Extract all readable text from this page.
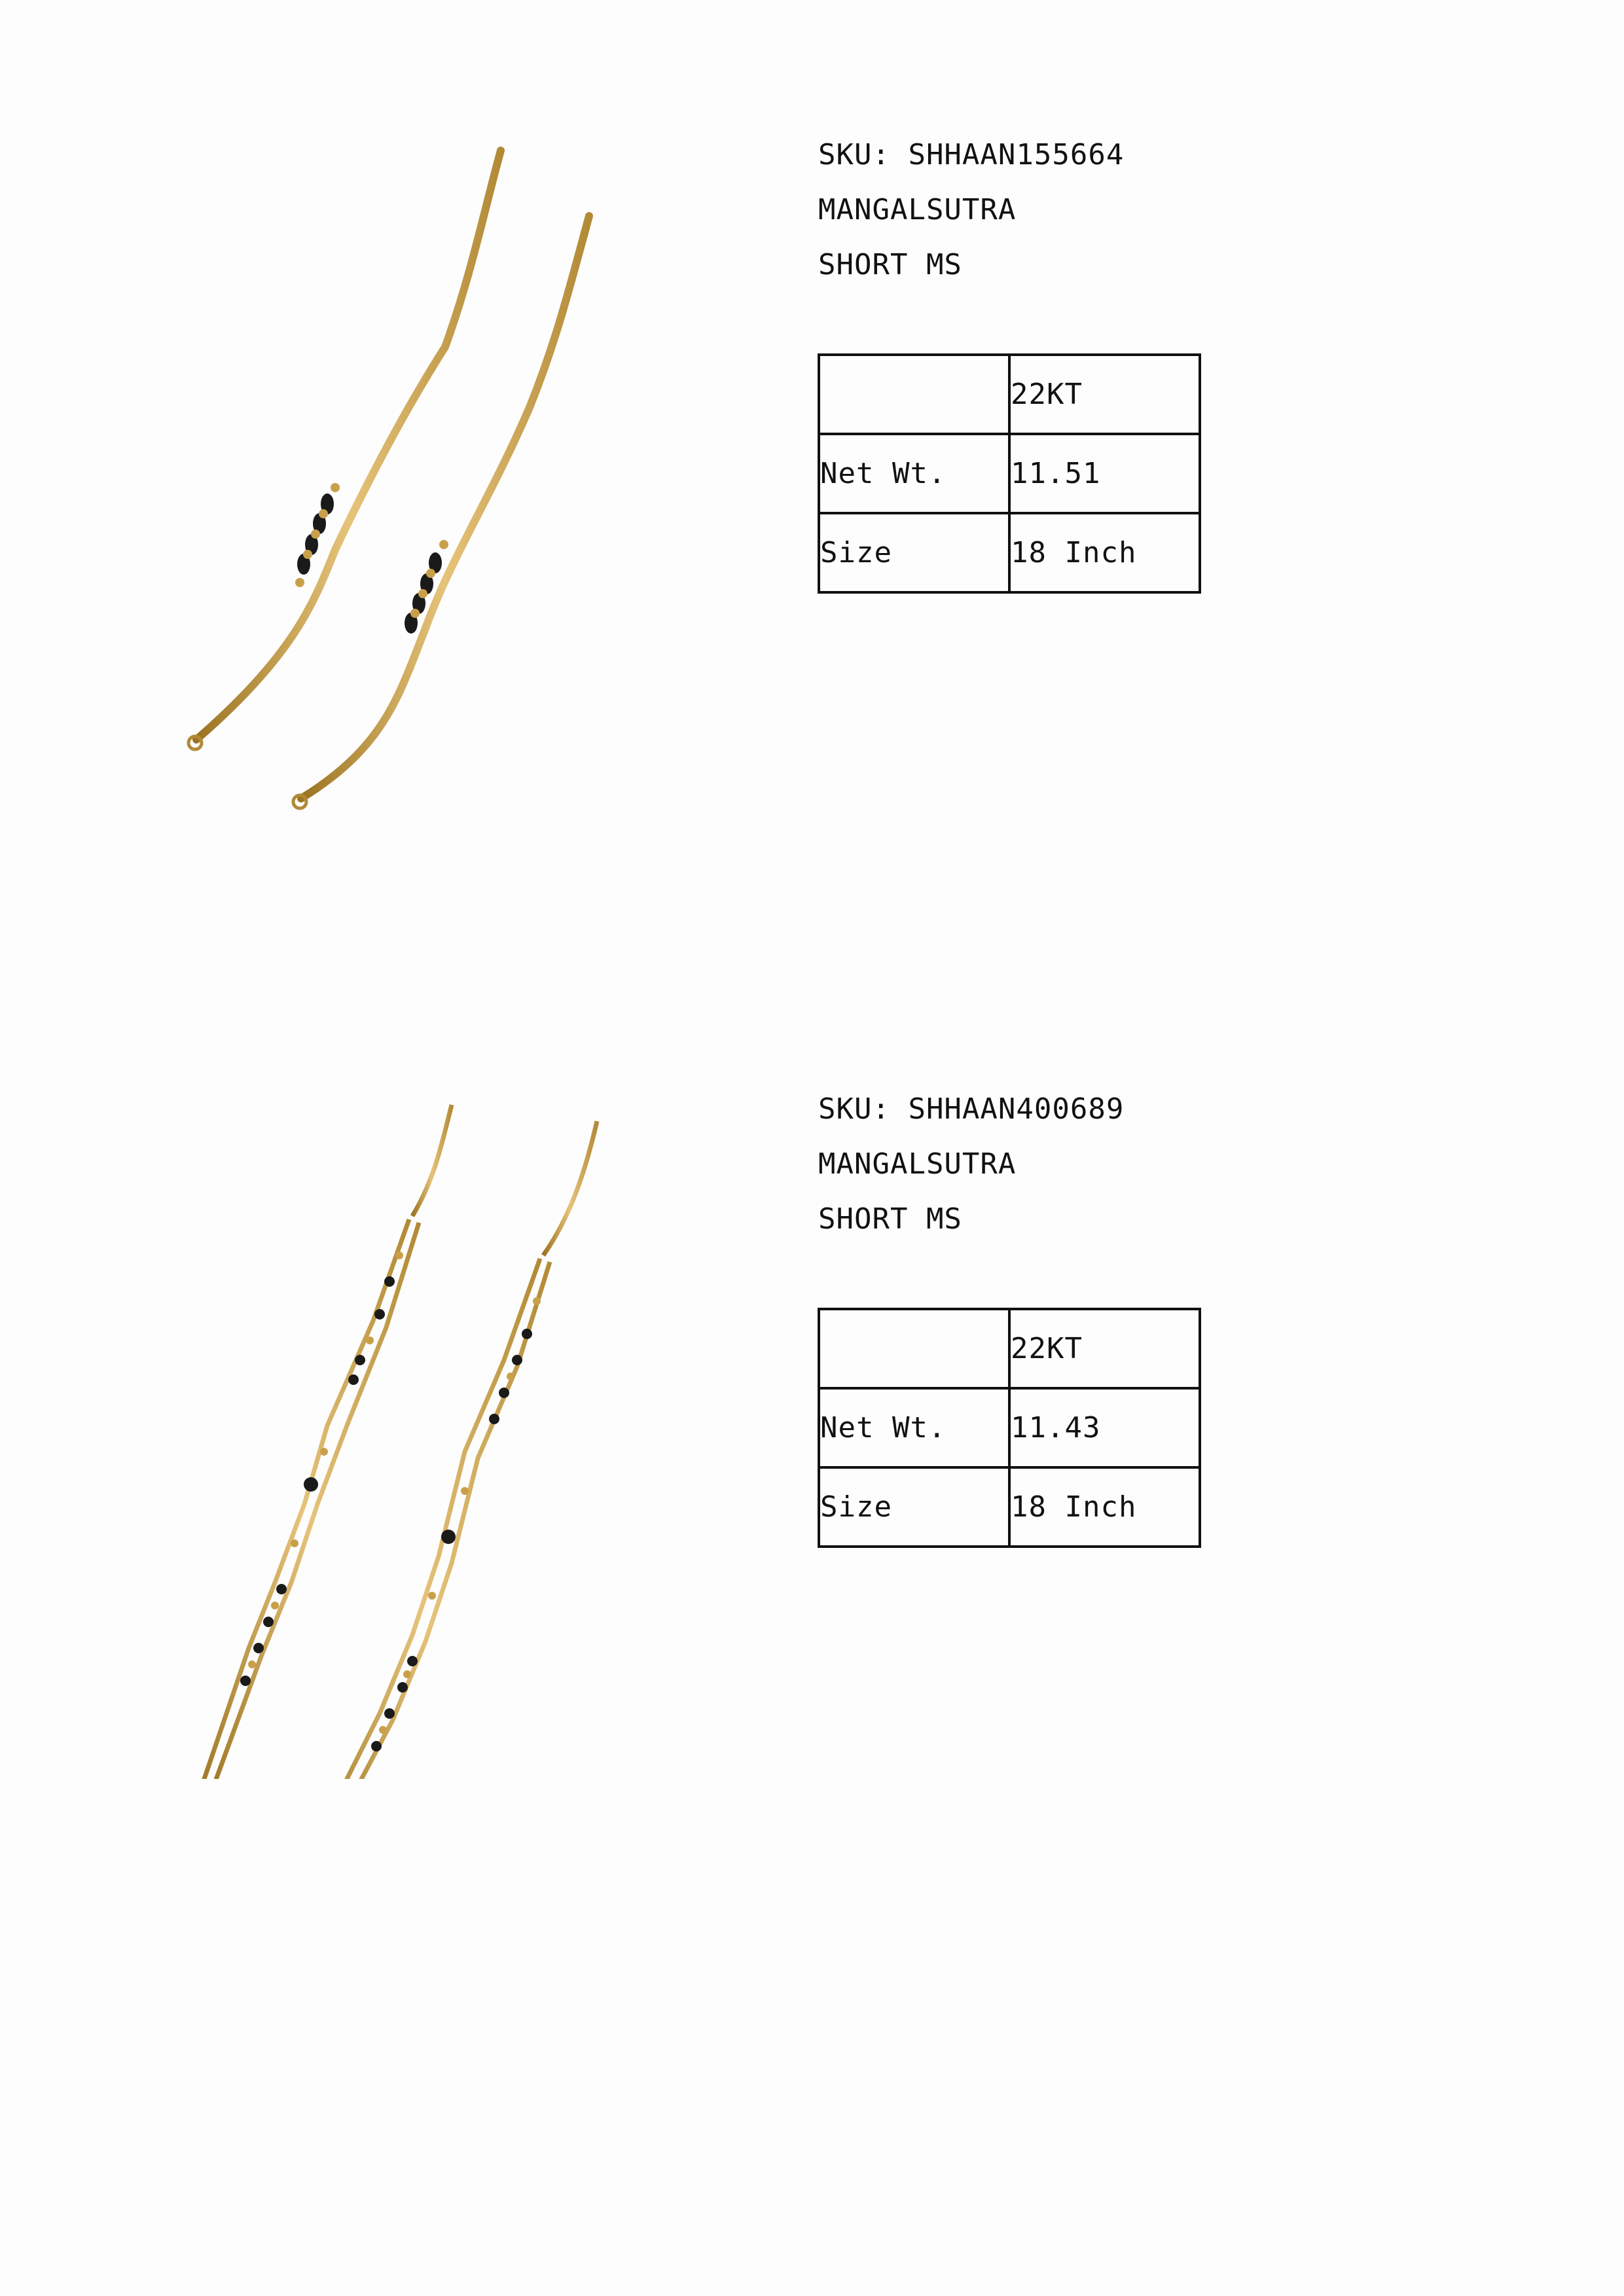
SKU: SHHAAN155664
MANGALSUTRA
SHORT MS
	22KT
Net Wt.	11.51
Size	18 Inch
SKU: SHHAAN400689
MANGALSUTRA
SHORT MS
	22KT
Net Wt.	11.43
Size	18 Inch
